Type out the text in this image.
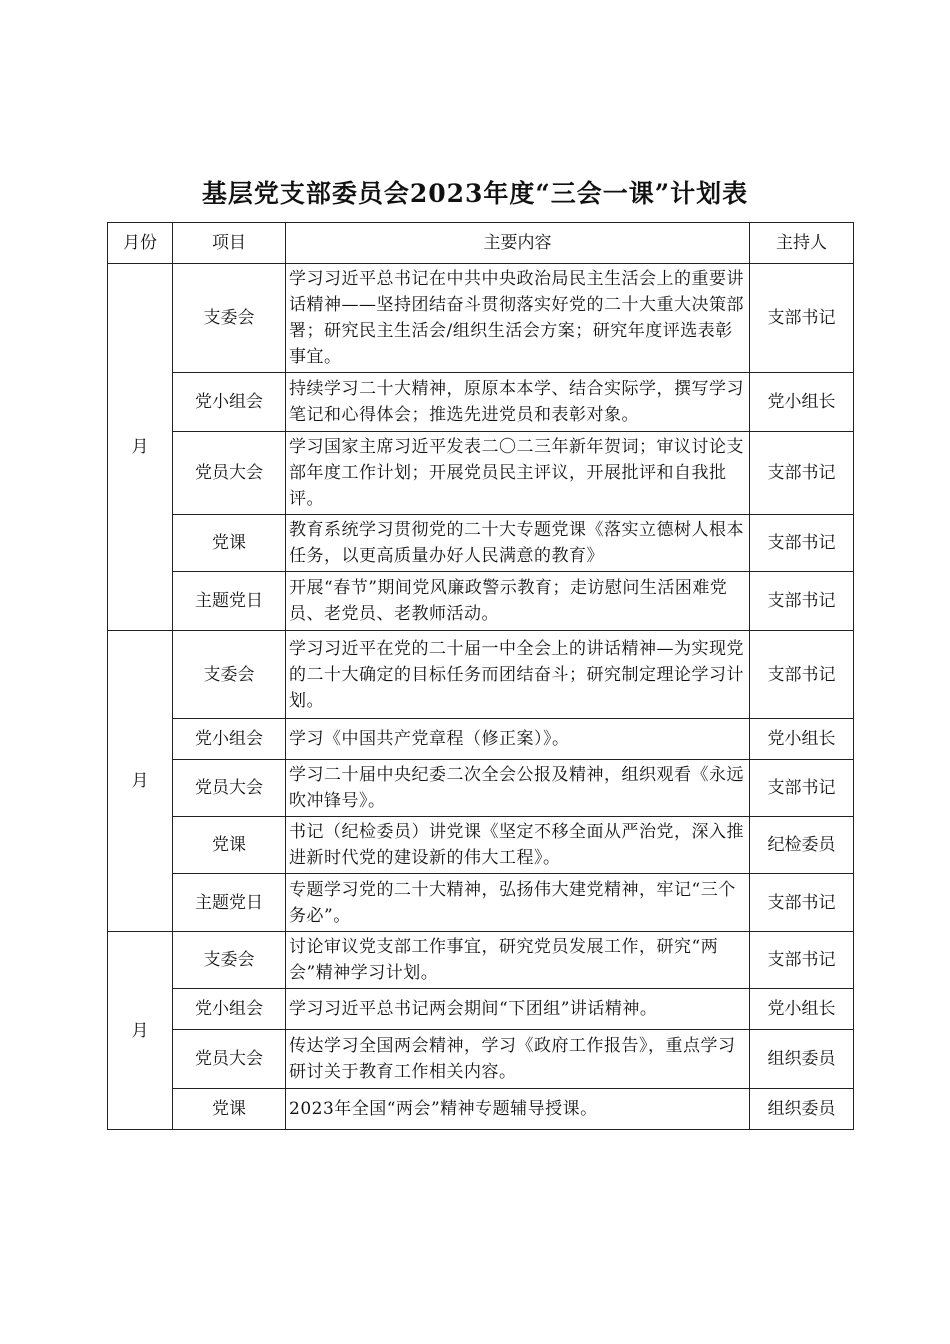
基层党支部委员会2023年度“三会一课”计划表
月份	项目	主要内容	主持人
月	支委会	学习习近平总书记在中共中央政治局民主生活会上的重要讲话精神——坚持团结奋斗贯彻落实好党的二十大重大决策部署；研究民主生活会/组织生活会方案；研究年度评选表彰事宜。	支部书记
	党小组会	持续学习二十大精神，原原本本学、结合实际学，撰写学习笔记和心得体会；推选先进党员和表彰对象。	党小组长
	党员大会	学习国家主席习近平发表二〇二三年新年贺词；审议讨论支部年度工作计划；开展党员民主评议，开展批评和自我批评。	支部书记
	党课	教育系统学习贯彻党的二十大专题党课《落实立德树人根本任务，以更高质量办好人民满意的教育》	支部书记
	主题党日	开展“春节”期间党风廉政警示教育；走访慰问生活困难党员、老党员、老教师活动。	支部书记
月	支委会	学习习近平在党的二十届一中全会上的讲话精神—为实现党的二十大确定的目标任务而团结奋斗；研究制定理论学习计划。	支部书记
	党小组会	学习《中国共产党章程（修正案）》。	党小组长
	党员大会	学习二十届中央纪委二次全会公报及精神，组织观看《永远吹冲锋号》。	支部书记
	党课	书记（纪检委员）讲党课《坚定不移全面从严治党，深入推进新时代党的建设新的伟大工程》。	纪检委员
	主题党日	专题学习党的二十大精神，弘扬伟大建党精神，牢记“三个务必”。	支部书记
月	支委会	讨论审议党支部工作事宜，研究党员发展工作，研究“两会”精神学习计划。	支部书记
	党小组会	学习习近平总书记两会期间“下团组”讲话精神。	党小组长
	党员大会	传达学习全国两会精神，学习《政府工作报告》，重点学习研讨关于教育工作相关内容。	组织委员
	党课	2023年全国“两会”精神专题辅导授课。	组织委员
